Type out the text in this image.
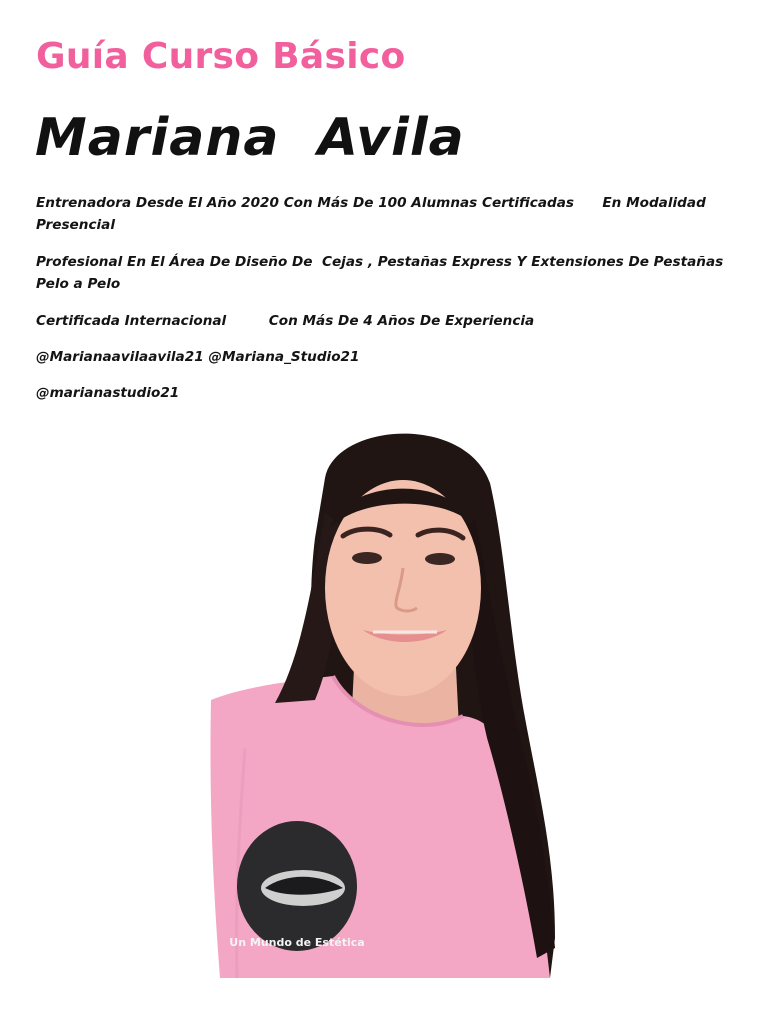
Guía Curso Básico
Mariana  Avila

Entrenadora Desde El Año 2020 Con Más De 100 Alumnas Certificadas      En Modalidad Presencial

Profesional En El Área De Diseño De  Cejas , Pestañas Express Y Extensiones De Pestañas Pelo a Pelo

Certificada Internacional         Con Más De 4 Años De Experiencia

@Marianaavilaavila21 @Mariana_Studio21

@marianastudio21

Un Mundo de Estética
